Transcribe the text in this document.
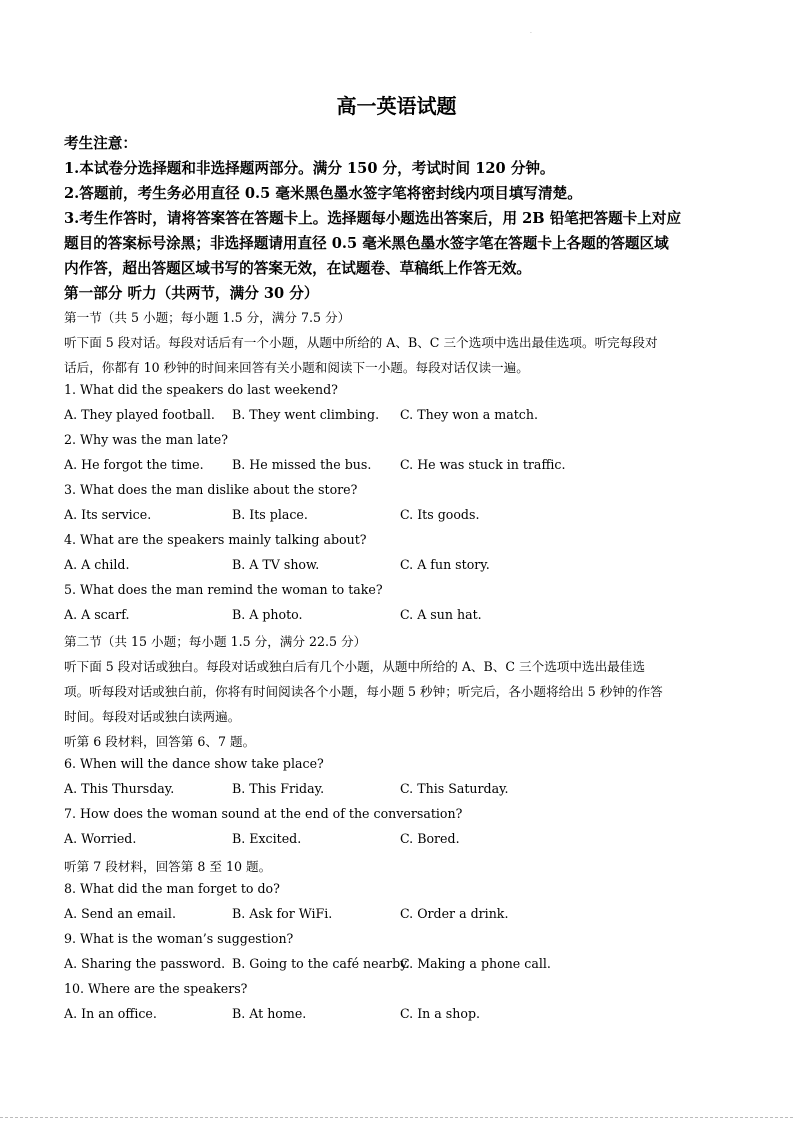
·
高一英语试题
考生注意：
1.本试卷分选择题和非选择题两部分。满分 150 分，考试时间 120 分钟。
2.答题前，考生务必用直径 0.5 毫米黑色墨水签字笔将密封线内项目填写清楚。
3.考生作答时，请将答案答在答题卡上。选择题每小题选出答案后，用 2B 铅笔把答题卡上对应
题目的答案标号涂黑；非选择题请用直径 0.5 毫米黑色墨水签字笔在答题卡上各题的答题区域
内作答，超出答题区域书写的答案无效，在试题卷、草稿纸上作答无效。
第一部分 听力（共两节，满分 30 分）
第一节（共 5 小题；每小题 1.5 分，满分 7.5 分）
听下面 5 段对话。每段对话后有一个小题，从题中所给的 A、B、C 三个选项中选出最佳选项。听完每段对
话后，你都有 10 秒钟的时间来回答有关小题和阅读下一小题。每段对话仅读一遍。
1. What did the speakers do last weekend?
A. They played football. B. They went climbing. C. They won a match.
2. Why was the man late?
A. He forgot the time. B. He missed the bus. C. He was stuck in traffic.
3. What does the man dislike about the store?
A. Its service.	B. Its place.	C. Its goods.
4. What are the speakers mainly talking about?
A. A child.	B. A TV show.	C. A fun story.
5. What does the man remind the woman to take?
A. A scarf.	B. A photo.	C. A sun hat.
第二节（共 15 小题；每小题 1.5 分，满分 22.5 分）
听下面 5 段对话或独白。每段对话或独白后有几个小题，从题中所给的 A、B、C 三个选项中选出最佳选
项。听每段对话或独白前，你将有时间阅读各个小题，每小题 5 秒钟；听完后，各小题将给出 5 秒钟的作答
时间。每段对话或独白读两遍。
听第 6 段材料，回答第 6、7 题。
6. When will the dance show take place?
A. This Thursday.	B. This Friday.	C. This Saturday.
7. How does the woman sound at the end of the conversation?
A. Worried.	B. Excited.	C. Bored.
听第 7 段材料，回答第 8 至 10 题。
8. What did the man forget to do?
A. Send an email.	B. Ask for WiFi.	C. Order a drink.
9. What is the woman’s suggestion?
A. Sharing the password. B. Going to the café nearby.
C. Making a phone call.
10. Where are the speakers?
A. In an office.	B. At home.	C. In a shop.
